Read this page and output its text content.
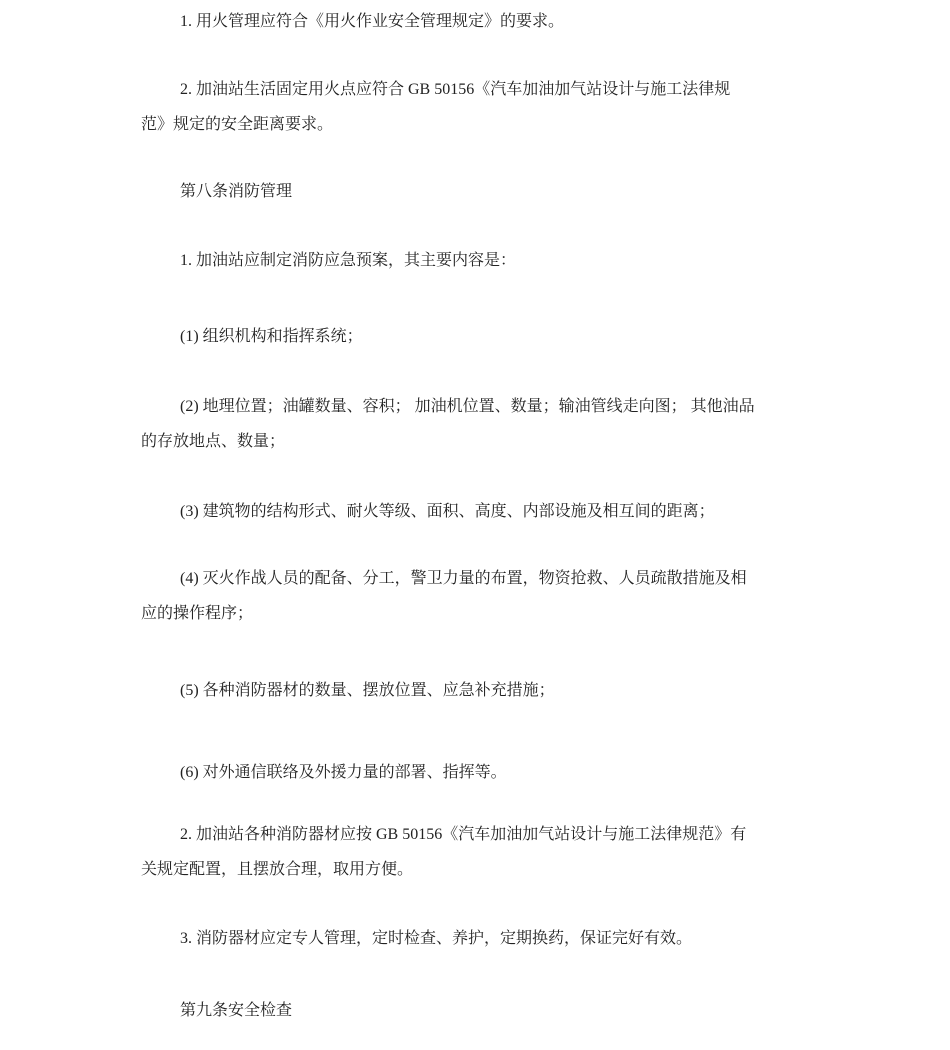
1. 用火管理应符合《用火作业安全管理规定》的要求。
2. 加油站生活固定用火点应符合 GB 50156《汽车加油加气站设计与施工法律规
范》规定的安全距离要求。
第八条消防管理
1. 加油站应制定消防应急预案，其主要内容是：
(1) 组织机构和指挥系统；
(2) 地理位置；油罐数量、容积； 加油机位置、数量；输油管线走向图； 其他油品
的存放地点、数量；
(3) 建筑物的结构形式、耐火等级、面积、高度、内部设施及相互间的距离；
(4) 灭火作战人员的配备、分工，警卫力量的布置，物资抢救、人员疏散措施及相
应的操作程序；
(5) 各种消防器材的数量、摆放位置、应急补充措施；
(6) 对外通信联络及外援力量的部署、指挥等。
2. 加油站各种消防器材应按 GB 50156《汽车加油加气站设计与施工法律规范》有
关规定配置，且摆放合理，取用方便。
3. 消防器材应定专人管理，定时检查、养护，定期换药，保证完好有效。
第九条安全检查
